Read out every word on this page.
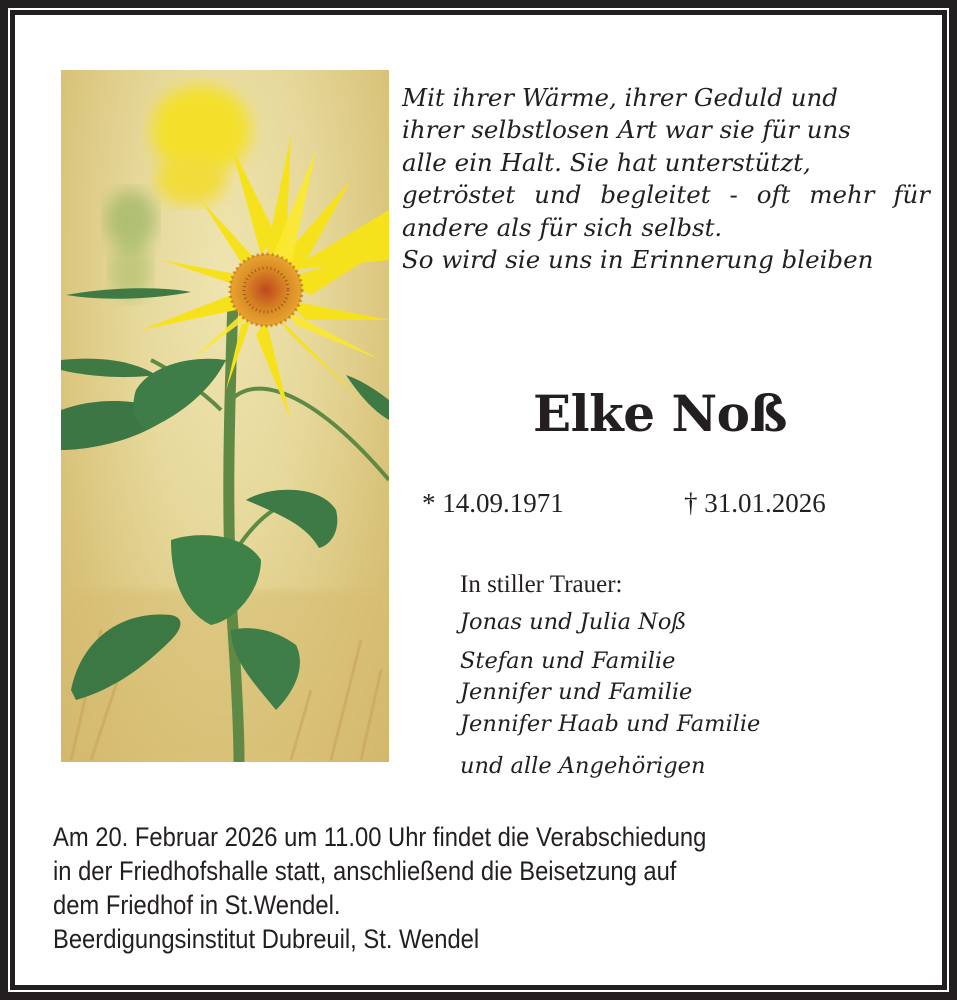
Mit ihrer Wärme, ihrer Geduld und
ihrer selbstlosen Art war sie für uns
alle ein Halt. Sie hat unterstützt,
getröstet und begleitet - oft mehr für
andere als für sich selbst.
So wird sie uns in Erinnerung bleiben
Elke Noß
* 14.09.1971	† 31.01.2026
In stiller Trauer:
Jonas und Julia Noß
Stefan und Familie
Jennifer und Familie
Jennifer Haab und Familie
und alle Angehörigen
Am 20. Februar 2026 um 11.00 Uhr findet die Verabschiedung
in der Friedhofshalle statt, anschließend die Beisetzung auf
dem Friedhof in St.Wendel.
Beerdigungsinstitut Dubreuil, St. Wendel
